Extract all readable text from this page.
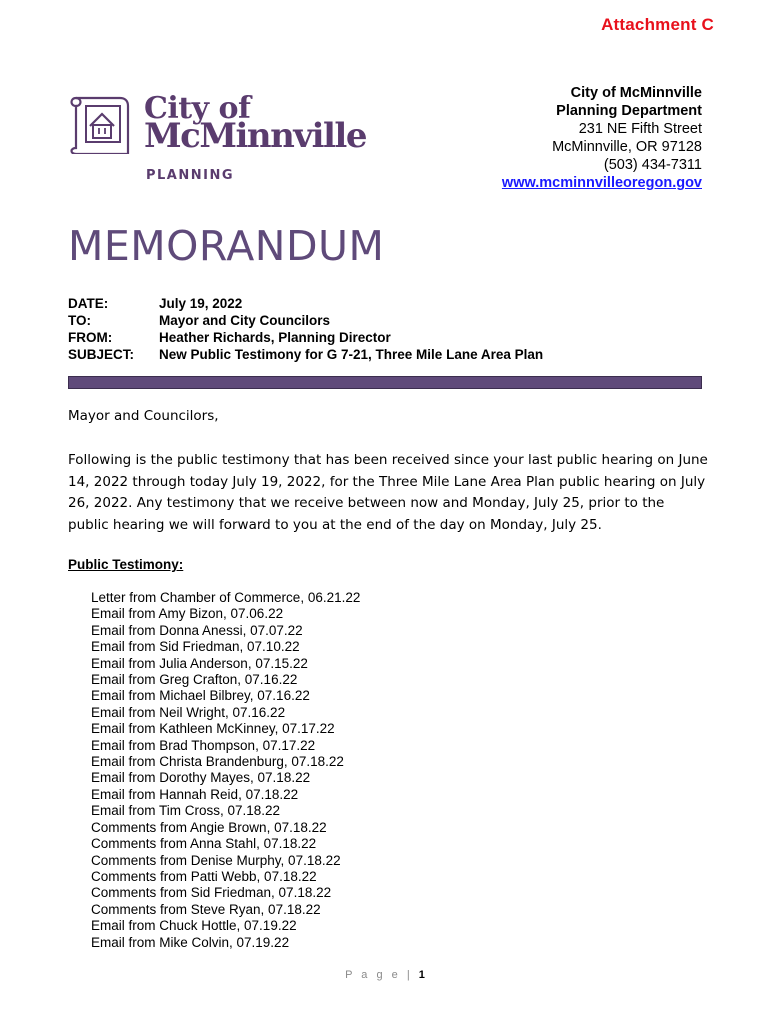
Attachment C
City of McMinnville
Planning Department
231 NE Fifth Street
McMinnville, OR 97128
(503) 434-7311
www.mcminnvilleoregon.gov
City of
McMinnville
PLANNING
MEMORANDUM
DATE:	July 19, 2022
TO:	Mayor and City Councilors
FROM:	Heather Richards, Planning Director
SUBJECT:	New Public Testimony for G 7-21, Three Mile Lane Area Plan
Mayor and Councilors,
Following is the public testimony that has been received since your last public hearing on June 14, 2022 through today July 19, 2022, for the Three Mile Lane Area Plan public hearing on July 26, 2022. Any testimony that we receive between now and Monday, July 25, prior to the public hearing we will forward to you at the end of the day on Monday, July 25.
Public Testimony:
Letter from Chamber of Commerce, 06.21.22
Email from Amy Bizon, 07.06.22
Email from Donna Anessi, 07.07.22
Email from Sid Friedman, 07.10.22
Email from Julia Anderson, 07.15.22
Email from Greg Crafton, 07.16.22
Email from Michael Bilbrey, 07.16.22
Email from Neil Wright, 07.16.22
Email from Kathleen McKinney, 07.17.22
Email from Brad Thompson, 07.17.22
Email from Christa Brandenburg, 07.18.22
Email from Dorothy Mayes, 07.18.22
Email from Hannah Reid, 07.18.22
Email from Tim Cross, 07.18.22
Comments from Angie Brown, 07.18.22
Comments from Anna Stahl, 07.18.22
Comments from Denise Murphy, 07.18.22
Comments from Patti Webb, 07.18.22
Comments from Sid Friedman, 07.18.22
Comments from Steve Ryan, 07.18.22
Email from Chuck Hottle, 07.19.22
Email from Mike Colvin, 07.19.22
P a g e | 1
